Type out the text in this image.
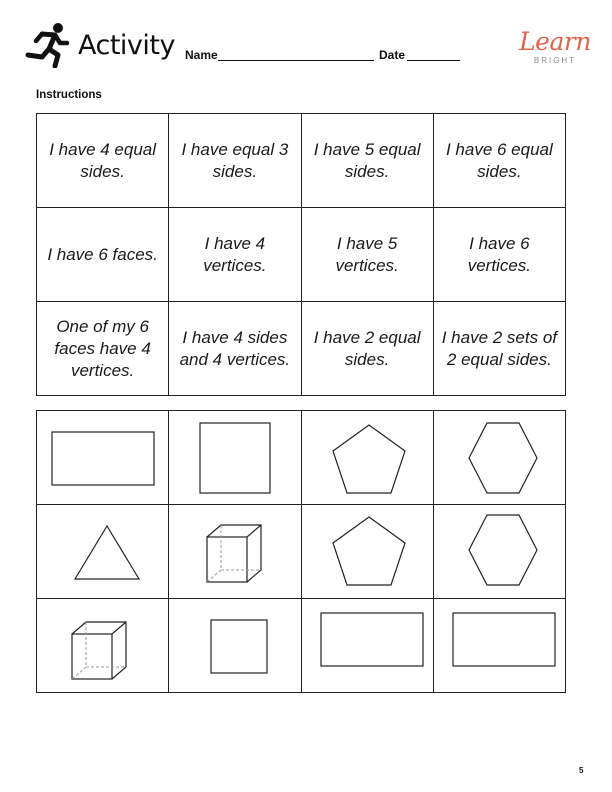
Activity Name	Date	Learn
BRIGHT
Instructions
I have 4 equal sides.	I have equal 3 sides.	I have 5 equal sides.	I have 6 equal sides.
I have 6 faces.	I have 4 vertices.	I have 5 vertices.	I have 6 vertices.
One of my 6 faces have 4 vertices.	I have 4 sides and 4 vertices.	I have 2 equal sides.	I have 2 sets of 2 equal sides.

5
